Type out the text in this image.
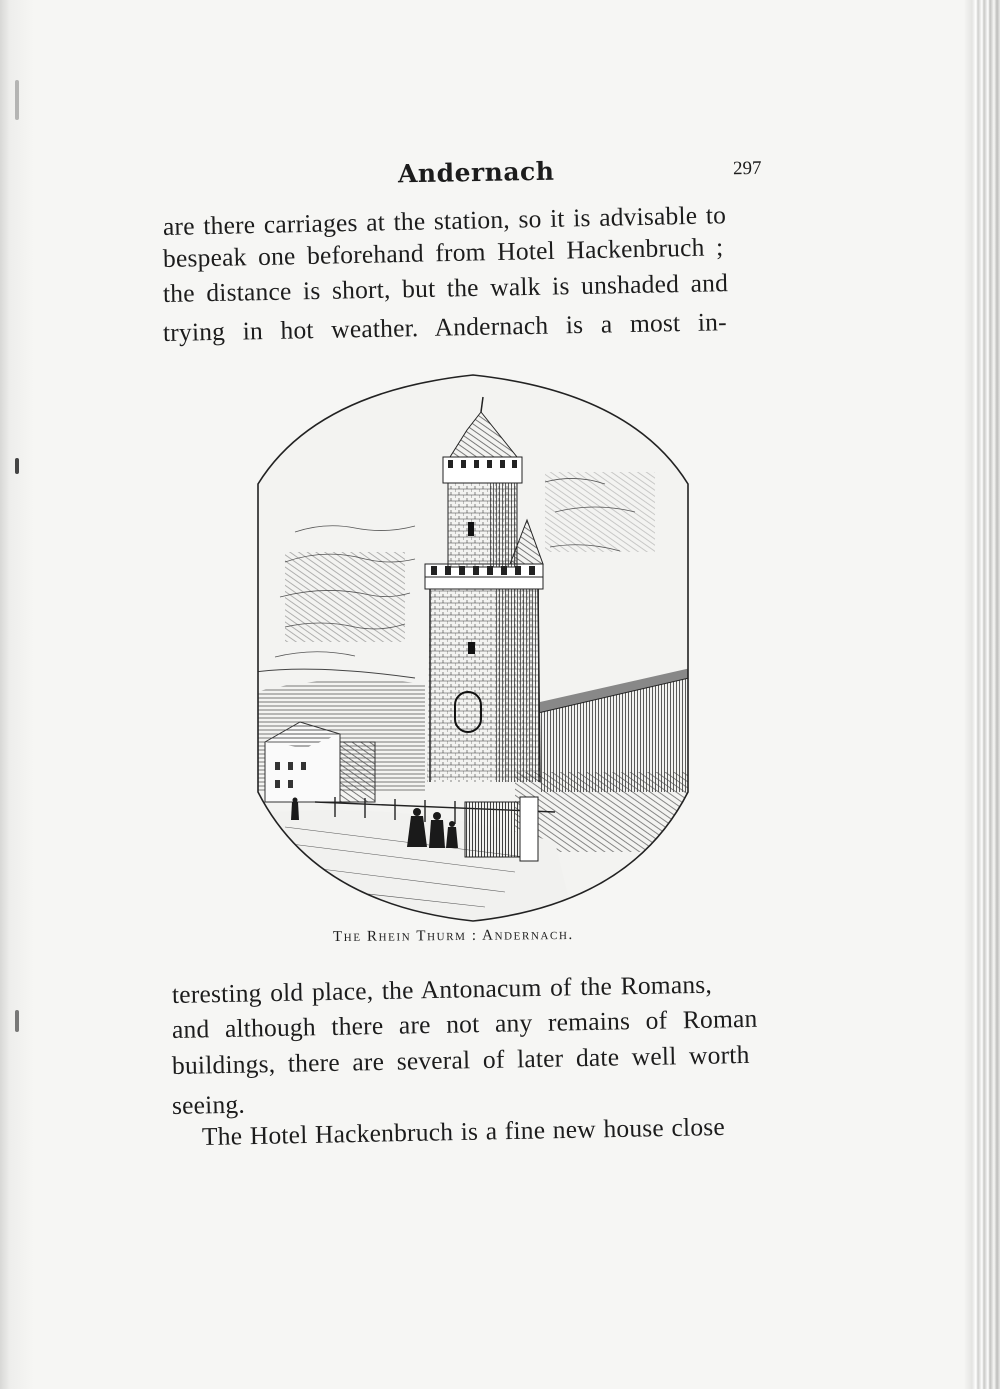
Andernach	297
are there carriages at the station, so it is advisable to
bespeak one beforehand from Hotel Hackenbruch ;
the distance is short, but the walk is unshaded and
trying in hot weather. Andernach is a most in-
The Rhein Thurm : Andernach.
teresting old place, the Antonacum of the Romans,
and although there are not any remains of Roman
buildings, there are several of later date well worth
seeing.
The Hotel Hackenbruch is a fine new house close
